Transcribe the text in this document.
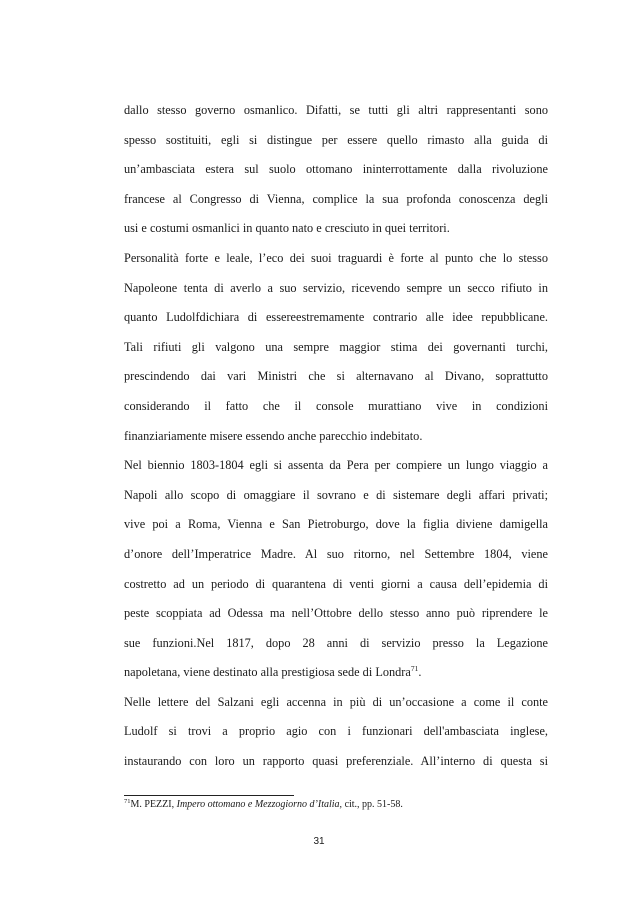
dallo stesso governo osmanlico. Difatti, se tutti gli altri rappresentanti sono
spesso sostituiti, egli si distingue per essere quello rimasto alla guida di
un’ambasciata estera sul suolo ottomano ininterrottamente dalla rivoluzione
francese al Congresso di Vienna, complice la sua profonda conoscenza degli
usi e costumi osmanlici in quanto nato e cresciuto in quei territori.
Personalità forte e leale, l’eco dei suoi traguardi è forte al punto che lo stesso
Napoleone tenta di averlo a suo servizio, ricevendo sempre un secco rifiuto in
quanto Ludolfdichiara di essereestremamente contrario alle idee repubblicane.
Tali rifiuti gli valgono una sempre maggior stima dei governanti turchi,
prescindendo dai vari Ministri che si alternavano al Divano, soprattutto
considerando il fatto che il console murattiano vive in condizioni
finanziariamente misere essendo anche parecchio indebitato.
Nel biennio 1803-1804 egli si assenta da Pera per compiere un lungo viaggio a
Napoli allo scopo di omaggiare il sovrano e di sistemare degli affari privati;
vive poi a Roma, Vienna e San Pietroburgo, dove la figlia diviene damigella
d’onore dell’Imperatrice Madre. Al suo ritorno, nel Settembre 1804, viene
costretto ad un periodo di quarantena di venti giorni a causa dell’epidemia di
peste scoppiata ad Odessa ma nell’Ottobre dello stesso anno può riprendere le
sue funzioni.Nel 1817, dopo 28 anni di servizio presso la Legazione
napoletana, viene destinato alla prestigiosa sede di Londra$^{71}$.
Nelle lettere del Salzani egli accenna in più di un’occasione a come il conte
Ludolf si trovi a proprio agio con i funzionari dell'ambasciata inglese,
instaurando con loro un rapporto quasi preferenziale. All’interno di questa si
$^{71}$M. PEZZI, Impero ottomano e Mezzogiorno d’Italia, cit., pp. 51-58.
31
